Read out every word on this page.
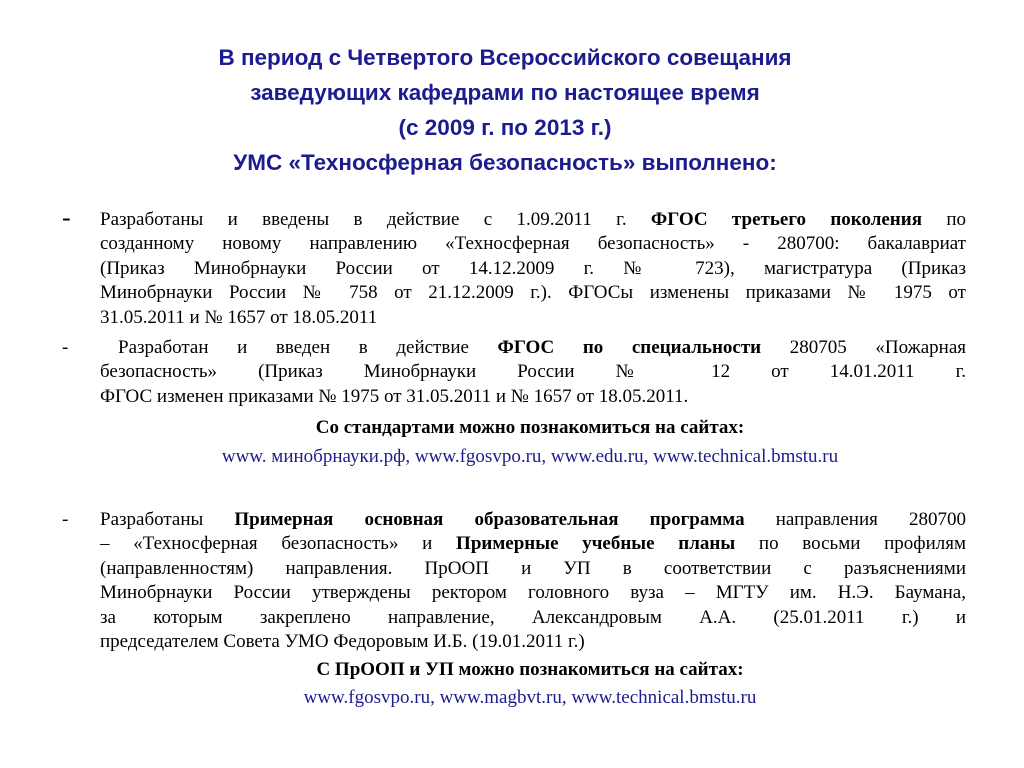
В период с Четвертого Всероссийского совещания
заведующих кафедрами по настоящее время
(с 2009 г. по 2013 г.)
УМС «Техносферная безопасность» выполнено:
-	Разработаны и введены в действие с 1.09.2011 г. ФГОС третьего поколения по
созданному новому направлению «Техносферная безопасность» - 280700: бакалавриат
(Приказ Минобрнауки России от 14.12.2009 г. № 723), магистратура (Приказ
Минобрнауки России № 758 от 21.12.2009 г.). ФГОСы изменены приказами № 1975 от
31.05.2011 и № 1657 от 18.05.2011
-	Разработан и введен в действие ФГОС по специальности 280705 «Пожарная
безопасность» (Приказ Минобрнауки России № 12 от 14.01.2011 г.
ФГОС изменен приказами № 1975 от 31.05.2011 и № 1657 от 18.05.2011.
Со стандартами можно познакомиться на сайтах:
www. минобрнауки.рф, www.fgosvpo.ru, www.edu.ru, www.technical.bmstu.ru
-	Разработаны Примерная основная образовательная программа направления 280700
– «Техносферная безопасность» и Примерные учебные планы по восьми профилям
(направленностям) направления. ПрООП и УП в соответствии с разъяснениями
Минобрнауки России утверждены ректором головного вуза – МГТУ им. Н.Э. Баумана,
за которым закреплено направление, Александровым А.А. (25.01.2011 г.) и
председателем Совета УМО Федоровым И.Б. (19.01.2011 г.)
С ПрООП и УП можно познакомиться на сайтах:
www.fgosvpo.ru, www.magbvt.ru, www.technical.bmstu.ru
